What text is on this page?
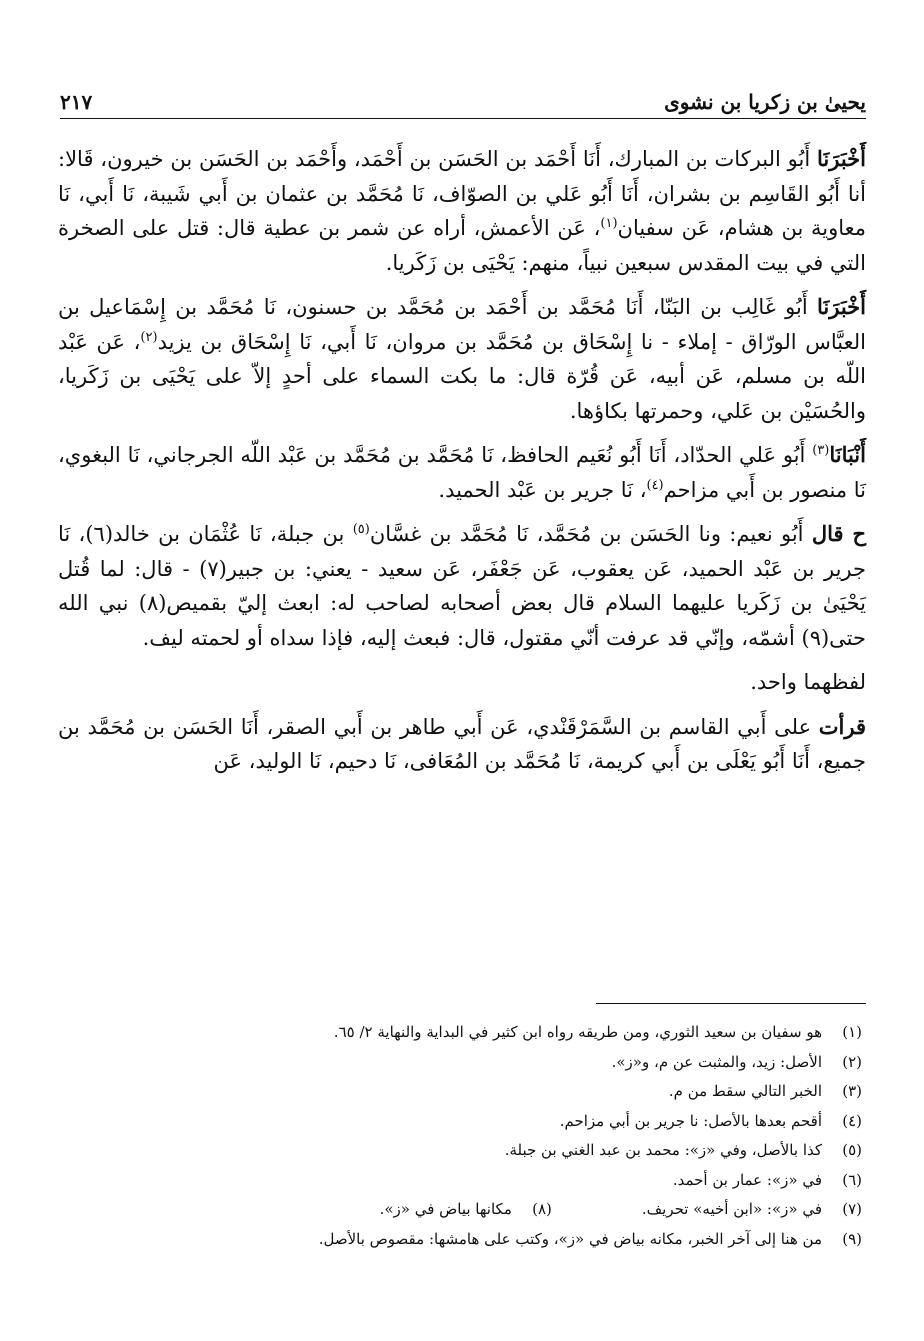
يحيىٰ بن زكريا بن نشوى
٢١٧

أَخْبَرَنَا أَبُو البركات بن المبارك، أَنَا أَحْمَد بن الحَسَن بن أَحْمَد، وأَحْمَد بن الحَسَن بن خيرون، قَالا: أنا أَبُو القَاسِم بن بشران، أَنَا أَبُو عَلي بن الصوّاف، نَا مُحَمَّد بن عثمان بن أَبي شَيبة، نَا أَبي، نَا معاوية بن هشام، عَن سفيان$^{(١)}$، عَن الأعمش، أراه عن شمر بن عطية قال: قتل على الصخرة التي في بيت المقدس سبعين نبياً، منهم: يَحْيَى بن زَكَريا.

أَخْبَرَنَا أَبُو غَالِب بن البَنّا، أَنَا مُحَمَّد بن أَحْمَد بن مُحَمَّد بن حسنون، نَا مُحَمَّد بن إِسْمَاعيل بن العبَّاس الورّاق - إملاء - نا إِسْحَاق بن مُحَمَّد بن مروان، نَا أَبي، نَا إِسْحَاق بن يزيد$^{(٢)}$، عَن عَبْد اللّه بن مسلم، عَن أبيه، عَن قُرّة قال: ما بكت السماء على أحدٍ إلاّ على يَحْيَى بن زَكَريا، والحُسَيْن بن عَلي، وحمرتها بكاؤها.

أَنْبَانَا$^{(٣)}$ أَبُو عَلي الحدّاد، أَنَا أَبُو نُعَيم الحافظ، نَا مُحَمَّد بن مُحَمَّد بن عَبْد اللّه الجرجاني، نَا البغوي، نَا منصور بن أَبي مزاحم$^{(٤)}$، نَا جرير بن عَبْد الحميد.

ح قال أَبُو نعيم: ونا الحَسَن بن مُحَمَّد، نَا مُحَمَّد بن غسَّان$^{(٥)}$ بن جبلة، نَا عُثْمَان بن خالد(٦)، نَا جرير بن عَبْد الحميد، عَن يعقوب، عَن جَعْفَر، عَن سعيد - يعني: بن جبير(٧) - قال: لما قُتل يَحْيَىٰ بن زَكَريا عليهما السلام قال بعض أصحابه لصاحب له: ابعث إليّ بقميص(٨) نبي الله حتى(٩) أشمّه، وإنّي قد عرفت أنّي مقتول، قال: فبعث إليه، فإذا سداه أو لحمته ليف.

لفظهما واحد.

قرأت على أَبي القاسم بن السَّمَرْقَنْدي، عَن أَبي طاهر بن أَبي الصقر، أَنَا الحَسَن بن مُحَمَّد بن جميع، أَنَا أَبُو يَعْلَى بن أَبي كريمة، نَا مُحَمَّد بن المُعَافى، نَا دحيم، نَا الوليد، عَن

(١)
هو سفيان بن سعيد الثوري، ومن طريقه رواه ابن كثير في البداية والنهاية ٢/ ٦٥.
(٢)
الأصل: زيد، والمثبت عن م، و«ز».
(٣)
الخبر التالي سقط من م.
(٤)
أقحم بعدها بالأصل: نا جرير بن أبي مزاحم.
(٥)
كذا بالأصل، وفي «ز»: محمد بن عبد الغني بن جبلة.
(٦)
في «ز»: عمار بن أحمد.
(٧)
في «ز»: «ابن أخيه» تحريف.
(٨)
مكانها بياض في «ز».
(٩)
من هنا إلى آخر الخبر، مكانه بياض في «ز»، وكتب على هامشها: مقصوص بالأصل.
